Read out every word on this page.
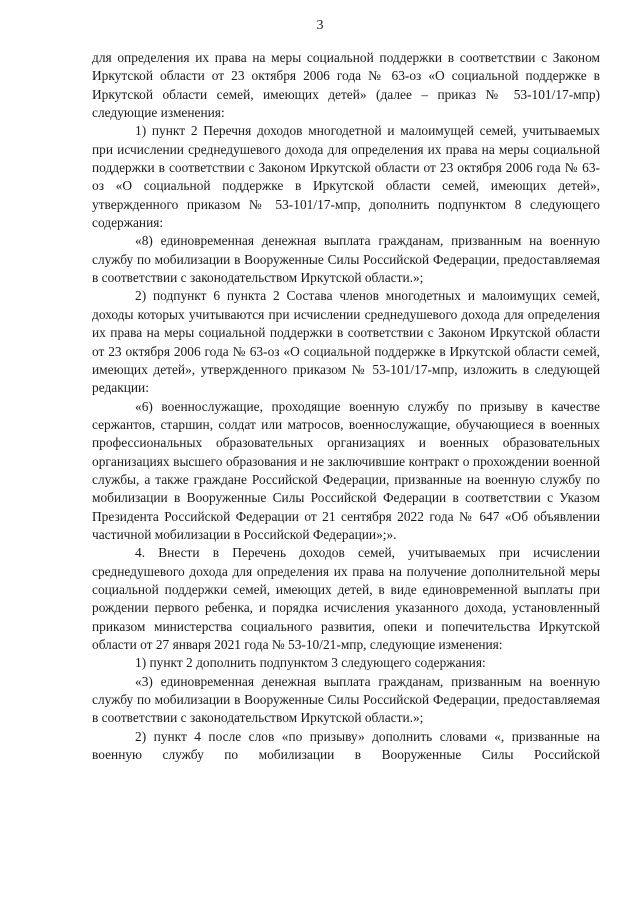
3

для определения их права на меры социальной поддержки в соответствии с Законом Иркутской области от 23 октября 2006 года № 63-оз «О социальной поддержке в Иркутской области семей, имеющих детей» (далее – приказ № 53-101/17-мпр) следующие изменения:

1) пункт 2 Перечня доходов многодетной и малоимущей семей, учитываемых при исчислении среднедушевого дохода для определения их права на меры социальной поддержки в соответствии с Законом Иркутской области от 23 октября 2006 года № 63-оз «О социальной поддержке в Иркутской области семей, имеющих детей», утвержденного приказом № 53-101/17-мпр, дополнить подпунктом 8 следующего содержания:

«8) единовременная денежная выплата гражданам, призванным на военную службу по мобилизации в Вооруженные Силы Российской Федерации, предоставляемая в соответствии с законодательством Иркутской области.»;

2) подпункт 6 пункта 2 Состава членов многодетных и малоимущих семей, доходы которых учитываются при исчислении среднедушевого дохода для определения их права на меры социальной поддержки в соответствии с Законом Иркутской области от 23 октября 2006 года № 63-оз «О социальной поддержке в Иркутской области семей, имеющих детей», утвержденного приказом № 53-101/17-мпр, изложить в следующей редакции:

«6) военнослужащие, проходящие военную службу по призыву в качестве сержантов, старшин, солдат или матросов, военнослужащие, обучающиеся в военных профессиональных образовательных организациях и военных образовательных организациях высшего образования и не заключившие контракт о прохождении военной службы, а также граждане Российской Федерации, призванные на военную службу по мобилизации в Вооруженные Силы Российской Федерации в соответствии с Указом Президента Российской Федерации от 21 сентября 2022 года № 647 «Об объявлении частичной мобилизации в Российской Федерации»;».

4. Внести в Перечень доходов семей, учитываемых при исчислении среднедушевого дохода для определения их права на получение дополнительной меры социальной поддержки семей, имеющих детей, в виде единовременной выплаты при рождении первого ребенка, и порядка исчисления указанного дохода, установленный приказом министерства социального развития, опеки и попечительства Иркутской области от 27 января 2021 года № 53-10/21-мпр, следующие изменения:

1) пункт 2 дополнить подпунктом 3 следующего содержания:

«3) единовременная денежная выплата гражданам, призванным на военную службу по мобилизации в Вооруженные Силы Российской Федерации, предоставляемая в соответствии с законодательством Иркутской области.»;

2) пункт 4 после слов «по призыву» дополнить словами «, призванные на военную службу по мобилизации в Вооруженные Силы Российской
